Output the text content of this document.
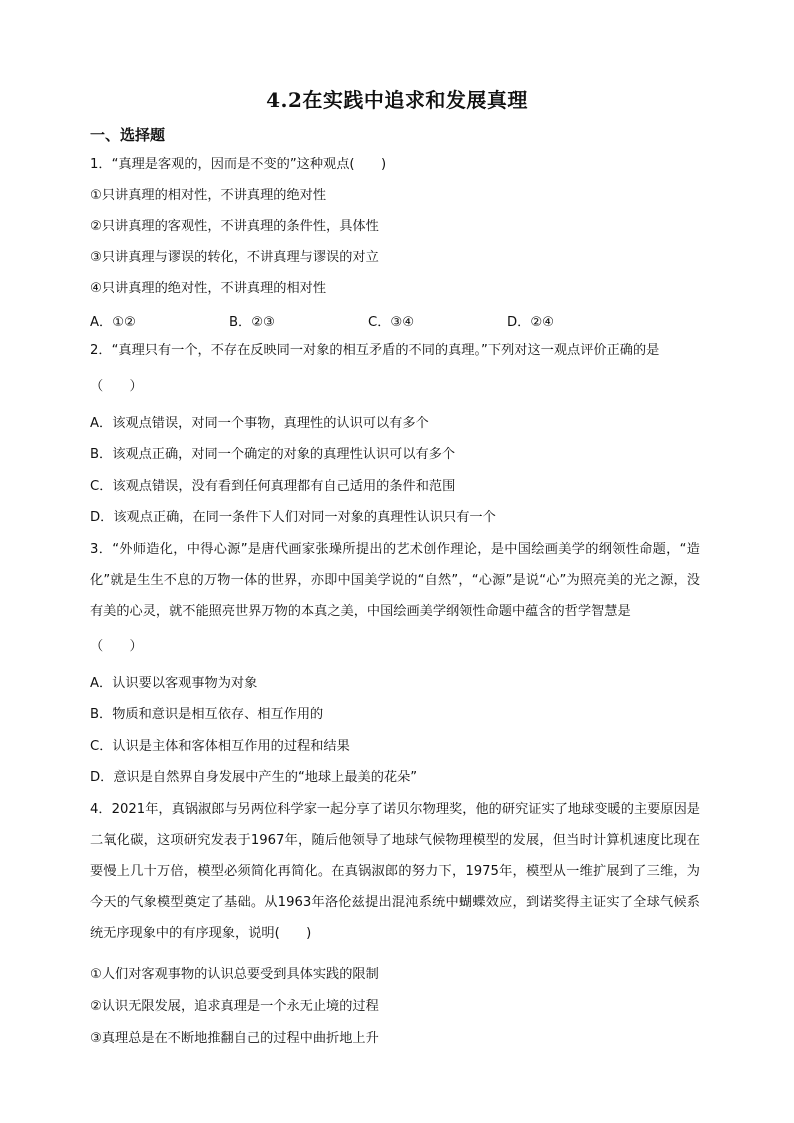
4.2在实践中追求和发展真理
一、选择题
1．“真理是客观的，因而是不变的”这种观点(　　)
①只讲真理的相对性，不讲真理的绝对性
②只讲真理的客观性，不讲真理的条件性，具体性
③只讲真理与谬误的转化，不讲真理与谬误的对立
④只讲真理的绝对性，不讲真理的相对性
A．①②	B．②③	C．③④	D．②④
2．“真理只有一个，不存在反映同一对象的相互矛盾的不同的真理。”下列对这一观点评价正确的是
（　　）
A．该观点错误，对同一个事物，真理性的认识可以有多个
B．该观点正确，对同一个确定的对象的真理性认识可以有多个
C．该观点错误，没有看到任何真理都有自己适用的条件和范围
D．该观点正确，在同一条件下人们对同一对象的真理性认识只有一个
3．“外师造化，中得心源”是唐代画家张璪所提出的艺术创作理论，是中国绘画美学的纲领性命题，“造化”就是生生不息的万物一体的世界，亦即中国美学说的“自然”，“心源”是说“心”为照亮美的光之源，没有美的心灵，就不能照亮世界万物的本真之美，中国绘画美学纲领性命题中蕴含的哲学智慧是
（　　）
A．认识要以客观事物为对象
B．物质和意识是相互依存、相互作用的
C．认识是主体和客体相互作用的过程和结果
D．意识是自然界自身发展中产生的“地球上最美的花朵”
4．2021年，真锅淑郎与另两位科学家一起分享了诺贝尔物理奖，他的研究证实了地球变暖的主要原因是二氧化碳，这项研究发表于1967年，随后他领导了地球气候物理模型的发展，但当时计算机速度比现在要慢上几十万倍，模型必须简化再简化。在真锅淑郎的努力下，1975年，模型从一维扩展到了三维，为今天的气象模型奠定了基础。从1963年洛伦兹提出混沌系统中蝴蝶效应，到诺奖得主证实了全球气候系统无序现象中的有序现象，说明(　　)
①人们对客观事物的认识总要受到具体实践的限制
②认识无限发展，追求真理是一个永无止境的过程
③真理总是在不断地推翻自己的过程中曲折地上升
